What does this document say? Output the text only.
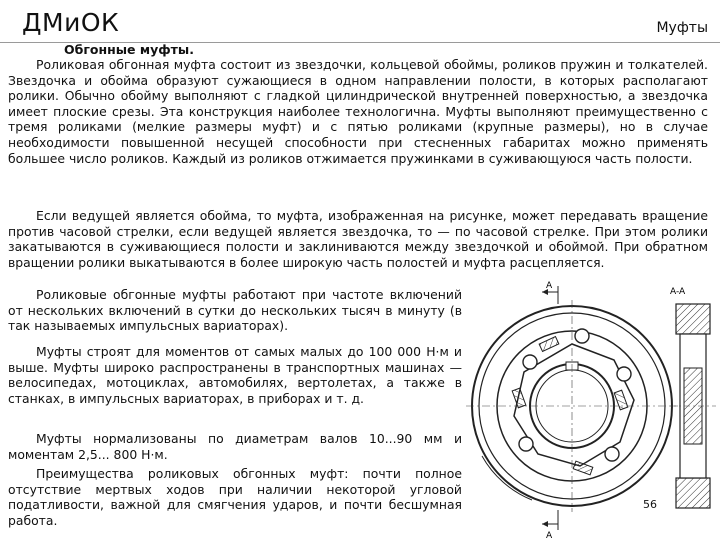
ДМиОК	Муфты
Обгонные муфты.
Роликовая обгонная муфта состоит из звездочки, кольцевой обоймы, роликов пружин и толкателей. Звездочка и обойма образуют сужающиеся в одном направлении полости, в которых располагают ролики. Обычно обойму выполняют с гладкой цилиндрической внутренней поверхностью, а звездочка имеет плоские срезы. Эта конструкция наиболее технологична. Муфты выполняют преимущественно с тремя роликами (мелкие размеры муфт) и с пятью роликами (крупные размеры), но в случае необходимости повышенной несущей способности при стесненных габаритах можно применять большее число роликов. Каждый из роликов отжимается пружинками в суживающуюся часть полости.
Если ведущей является обойма, то муфта, изображенная на рисунке, может передавать вращение против часовой стрелки, если ведущей является звездочка, то — по часовой стрелке. При этом ролики закатываются в суживающиеся полости и заклиниваются между звездочкой и обоймой. При обратном вращении ролики выкатываются в более широкую часть полостей и муфта расцепляется.
Роликовые обгонные муфты работают при частоте включений от нескольких включений в сутки до нескольких тысяч в минуту (в так называемых импульсных вариаторах).
Муфты строят для моментов от самых малых до 100 000 Н·м и выше. Муфты широко распространены в транспортных машинах — велосипедах, мотоциклах, автомобилях, вертолетах, а также в станках, в импульсных вариаторах, в приборах и т. д.
Муфты нормализованы по диаметрам валов 10...90 мм и моментам 2,5... 800 Н·м.
Преимущества роликовых обгонных муфт: почти полное отсутствие мертвых ходов при наличии некоторой угловой податливости, важной для смягчения ударов, и почти бесшумная работа.
A
A
A-A
56
